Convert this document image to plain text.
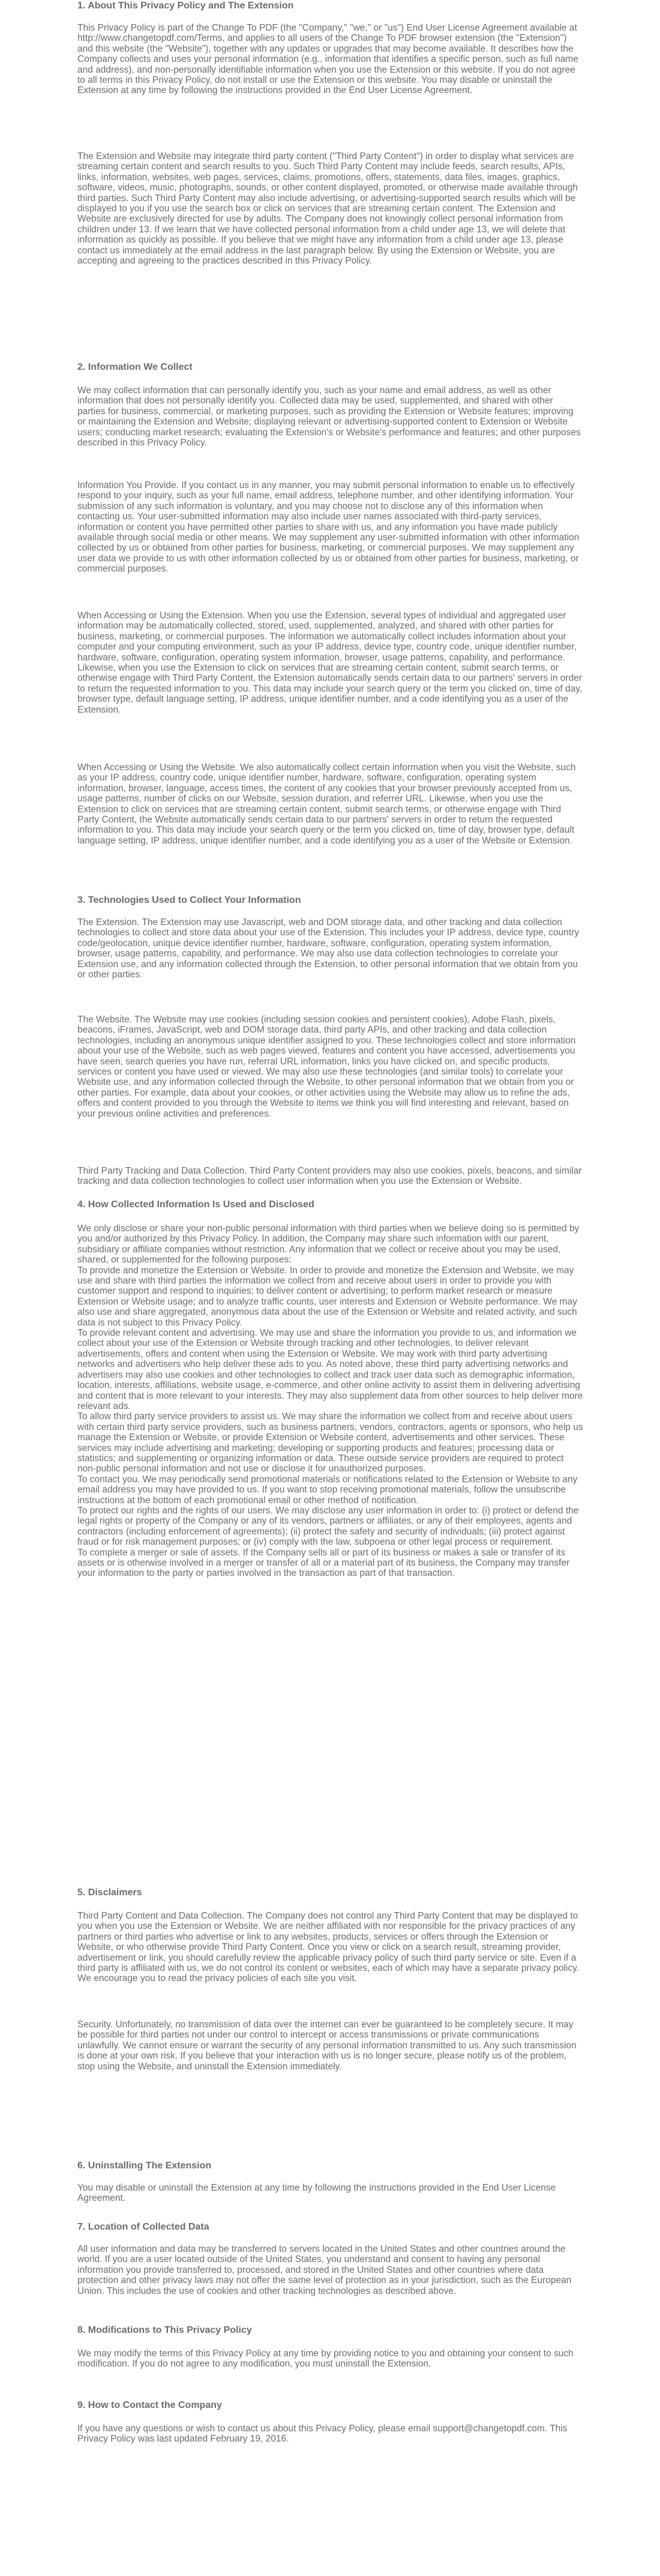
1. About This Privacy Policy and The Extension

This Privacy Policy is part of the Change To PDF (the "Company," "we," or "us") End User License Agreement available at http://www.changetopdf.com/Terms, and applies to all users of the Change To PDF browser extension (the "Extension") and this website (the "Website"), together with any updates or upgrades that may become available. It describes how the Company collects and uses your personal information (e.g., information that identifies a specific person, such as full name and address), and non-personally identifiable information when you use the Extension or this website. If you do not agree to all terms in this Privacy Policy, do not install or use the Extension or this website. You may disable or uninstall the Extension at any time by following the instructions provided in the End User License Agreement.

The Extension and Website may integrate third party content ("Third Party Content") in order to display what services are streaming certain content and search results to you. Such Third Party Content may include feeds, search results, APIs, links, information, websites, web pages, services, claims, promotions, offers, statements, data files, images, graphics, software, videos, music, photographs, sounds, or other content displayed, promoted, or otherwise made available through third parties. Such Third Party Content may also include advertising, or advertising-supported search results which will be displayed to you if you use the search box or click on services that are streaming certain content. The Extension and Website are exclusively directed for use by adults. The Company does not knowingly collect personal information from children under 13. If we learn that we have collected personal information from a child under age 13, we will delete that information as quickly as possible. If you believe that we might have any information from a child under age 13, please contact us immediately at the email address in the last paragraph below. By using the Extension or Website, you are accepting and agreeing to the practices described in this Privacy Policy.

2. Information We Collect

We may collect information that can personally identify you, such as your name and email address, as well as other information that does not personally identify you. Collected data may be used, supplemented, and shared with other parties for business, commercial, or marketing purposes, such as providing the Extension or Website features; improving or maintaining the Extension and Website; displaying relevant or advertising-supported content to Extension or Website users; conducting market research; evaluating the Extension's or Website's performance and features; and other purposes described in this Privacy Policy.

Information You Provide. If you contact us in any manner, you may submit personal information to enable us to effectively respond to your inquiry, such as your full name, email address, telephone number, and other identifying information. Your submission of any such information is voluntary, and you may choose not to disclose any of this information when contacting us. Your user-submitted information may also include user names associated with third-party services, information or content you have permitted other parties to share with us, and any information you have made publicly available through social media or other means. We may supplement any user-submitted information with other information collected by us or obtained from other parties for business, marketing, or commercial purposes. We may supplement any user data we provide to us with other information collected by us or obtained from other parties for business, marketing, or commercial purposes.

When Accessing or Using the Extension. When you use the Extension, several types of individual and aggregated user information may be automatically collected, stored, used, supplemented, analyzed, and shared with other parties for business, marketing, or commercial purposes. The information we automatically collect includes information about your computer and your computing environment, such as your IP address, device type, country code, unique identifier number, hardware, software, configuration, operating system information, browser, usage patterns, capability, and performance. Likewise, when you use the Extension to click on services that are streaming certain content, submit search terms, or otherwise engage with Third Party Content, the Extension automatically sends certain data to our partners' servers in order to return the requested information to you. This data may include your search query or the term you clicked on, time of day, browser type, default language setting, IP address, unique identifier number, and a code identifying you as a user of the Extension.

When Accessing or Using the Website. We also automatically collect certain information when you visit the Website, such as your IP address, country code, unique identifier number, hardware, software, configuration, operating system information, browser, language, access times, the content of any cookies that your browser previously accepted from us, usage patterns, number of clicks on our Website, session duration, and referrer URL. Likewise, when you use the Extension to click on services that are streaming certain content, submit search terms, or otherwise engage with Third Party Content, the Website automatically sends certain data to our partners' servers in order to return the requested information to you. This data may include your search query or the term you clicked on, time of day, browser type, default language setting, IP address, unique identifier number, and a code identifying you as a user of the Website or Extension.

3. Technologies Used to Collect Your Information

The Extension. The Extension may use Javascript, web and DOM storage data, and other tracking and data collection technologies to collect and store data about your use of the Extension. This includes your IP address, device type, country code/geolocation, unique device identifier number, hardware, software, configuration, operating system information, browser, usage patterns, capability, and performance. We may also use data collection technologies to correlate your Extension use, and any information collected through the Extension, to other personal information that we obtain from you or other parties.

The Website. The Website may use cookies (including session cookies and persistent cookies), Adobe Flash, pixels, beacons, iFrames, JavaScript, web and DOM storage data, third party APIs, and other tracking and data collection technologies, including an anonymous unique identifier assigned to you. These technologies collect and store information about your use of the Website, such as web pages viewed, features and content you have accessed, advertisements you have seen, search queries you have run, referral URL information, links you have clicked on, and specific products, services or content you have used or viewed. We may also use these technologies (and similar tools) to correlate your Website use, and any information collected through the Website, to other personal information that we obtain from you or other parties. For example, data about your cookies, or other activities using the Website may allow us to refine the ads, offers and content provided to you through the Website to items we think you will find interesting and relevant, based on your previous online activities and preferences.

Third Party Tracking and Data Collection. Third Party Content providers may also use cookies, pixels, beacons, and similar tracking and data collection technologies to collect user information when you use the Extension or Website.

4. How Collected Information Is Used and Disclosed

We only disclose or share your non-public personal information with third parties when we believe doing so is permitted by you and/or authorized by this Privacy Policy. In addition, the Company may share such information with our parent, subsidiary or affiliate companies without restriction. Any information that we collect or receive about you may be used, shared, or supplemented for the following purposes:
To provide and monetize the Extension or Website. In order to provide and monetize the Extension and Website, we may use and share with third parties the information we collect from and receive about users in order to provide you with customer support and respond to inquiries; to deliver content or advertising; to perform market research or measure Extension or Website usage; and to analyze traffic counts, user interests and Extension or Website performance. We may also use and share aggregated, anonymous data about the use of the Extension or Website and related activity, and such data is not subject to this Privacy Policy.
To provide relevant content and advertising. We may use and share the information you provide to us, and information we collect about your use of the Extension or Website through tracking and other technologies, to deliver relevant advertisements, offers and content when using the Extension or Website. We may work with third party advertising networks and advertisers who help deliver these ads to you. As noted above, these third party advertising networks and advertisers may also use cookies and other technologies to collect and track user data such as demographic information, location, interests, affiliations, website usage, e-commerce, and other online activity to assist them in delivering advertising and content that is more relevant to your interests. They may also supplement data from other sources to help deliver more relevant ads.
To allow third party service providers to assist us. We may share the information we collect from and receive about users with certain third party service providers, such as business partners, vendors, contractors, agents or sponsors, who help us manage the Extension or Website, or provide Extension or Website content, advertisements and other services. These services may include advertising and marketing; developing or supporting products and features; processing data or statistics; and supplementing or organizing information or data. These outside service providers are required to protect non-public personal information and not use or disclose it for unauthorized purposes.
To contact you. We may periodically send promotional materials or notifications related to the Extension or Website to any email address you may have provided to us. If you want to stop receiving promotional materials, follow the unsubscribe instructions at the bottom of each promotional email or other method of notification.
To protect our rights and the rights of our users. We may disclose any user information in order to: (i) protect or defend the legal rights or property of the Company or any of its vendors, partners or affiliates, or any of their employees, agents and contractors (including enforcement of agreements); (ii) protect the safety and security of individuals; (iii) protect against fraud or for risk management purposes; or (iv) comply with the law, subpoena or other legal process or requirement.
To complete a merger or sale of assets. If the Company sells all or part of its business or makes a sale or transfer of its assets or is otherwise involved in a merger or transfer of all or a material part of its business, the Company may transfer your information to the party or parties involved in the transaction as part of that transaction.

5. Disclaimers

Third Party Content and Data Collection. The Company does not control any Third Party Content that may be displayed to you when you use the Extension or Website. We are neither affiliated with nor responsible for the privacy practices of any partners or third parties who advertise or link to any websites, products, services or offers through the Extension or Website, or who otherwise provide Third Party Content. Once you view or click on a search result, streaming provider, advertisement or link, you should carefully review the applicable privacy policy of such third party service or site. Even if a third party is affiliated with us, we do not control its content or websites, each of which may have a separate privacy policy. We encourage you to read the privacy policies of each site you visit.

Security. Unfortunately, no transmission of data over the internet can ever be guaranteed to be completely secure. It may be possible for third parties not under our control to intercept or access transmissions or private communications unlawfully. We cannot ensure or warrant the security of any personal information transmitted to us. Any such transmission is done at your own risk. If you believe that your interaction with us is no longer secure, please notify us of the problem, stop using the Website, and uninstall the Extension immediately.

6. Uninstalling The Extension

You may disable or uninstall the Extension at any time by following the instructions provided in the End User License Agreement.

7. Location of Collected Data

All user information and data may be transferred to servers located in the United States and other countries around the world. If you are a user located outside of the United States, you understand and consent to having any personal information you provide transferred to, processed, and stored in the United States and other countries where data protection and other privacy laws may not offer the same level of protection as in your jurisdiction, such as the European Union. This includes the use of cookies and other tracking technologies as described above.

8. Modifications to This Privacy Policy

We may modify the terms of this Privacy Policy at any time by providing notice to you and obtaining your consent to such modification. If you do not agree to any modification, you must uninstall the Extension.

9. How to Contact the Company

If you have any questions or wish to contact us about this Privacy Policy, please email support@changetopdf.com. This Privacy Policy was last updated February 19, 2016.
